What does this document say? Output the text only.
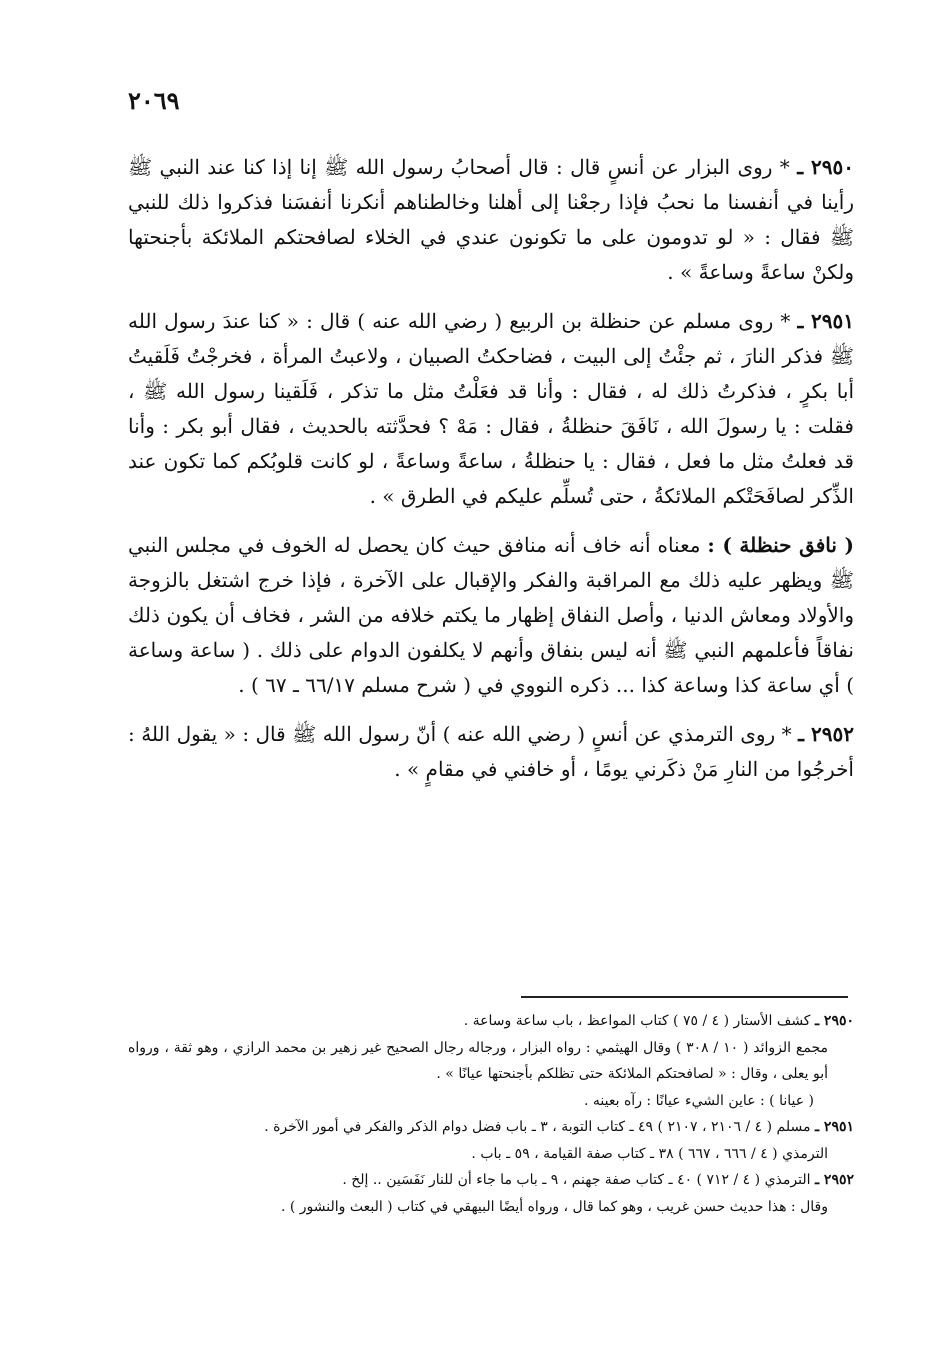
٢٠٦٩

٢٩٥٠ ـ * روى البزار عن أنسٍ قال : قال أصحابُ رسول الله ﷺ إنا إذا كنا عند النبي ﷺ رأينا في أنفسنا ما نحبُ فإذا رجعْنا إلى أهلنا وخالطناهم أنكرنا أنفسَنا فذكروا ذلك للنبي ﷺ فقال : « لو تدومون على ما تكونون عندي في الخلاء لصافحتكم الملائكة بأجنحتها ولكنْ ساعةً وساعةً » .

٢٩٥١ ـ * روى مسلم عن حنظلة بن الربيع ( رضي الله عنه ) قال : « كنا عندَ رسول الله ﷺ فذكر النارَ ، ثم جئْتُ إلى البيت ، فضاحكتُ الصبيان ، ولاعبتُ المرأة ، فخرجْتُ فَلَقيتُ أبا بكرٍ ، فذكرتُ ذلك له ، فقال : وأنا قد فعَلْتُ مثل ما تذكر ، فَلَقينا رسول الله ﷺ ، فقلت : يا رسولَ الله ، نَافَقَ حنظلةُ ، فقال : مَهْ ؟ فحدَّثته بالحديث ، فقال أبو بكر : وأنا قد فعلتُ مثل ما فعل ، فقال : يا حنظلةُ ، ساعةً وساعةً ، لو كانت قلوبُكم كما تكون عند الذِّكر لصافَحَتْكم الملائكةُ ، حتى تُسلِّم عليكم في الطرق » .

( نافق حنظلة ) : معناه أنه خاف أنه منافق حيث كان يحصل له الخوف في مجلس النبي ﷺ ويظهر عليه ذلك مع المراقبة والفكر والإقبال على الآخرة ، فإذا خرج اشتغل بالزوجة والأولاد ومعاش الدنيا ، وأصل النفاق إظهار ما يكتم خلافه من الشر ، فخاف أن يكون ذلك نفاقاً فأعلمهم النبي ﷺ أنه ليس بنفاق وأنهم لا يكلفون الدوام على ذلك . ( ساعة وساعة ) أي ساعة كذا وساعة كذا ... ذكره النووي في ( شرح مسلم ٦٦/١٧ ـ ٦٧ ) .

٢٩٥٢ ـ * روى الترمذي عن أنسٍ ( رضي الله عنه ) أنّ رسول الله ﷺ قال : « يقول اللهُ : أخرجُوا من النارِ مَنْ ذكَرني يومًا ، أو خافني في مقامٍ » .

٢٩٥٠ ـ كشف الأستار ( ٤ / ٧٥ ) كتاب المواعظ ، باب ساعة وساعة .

مجمع الزوائد ( ١٠ / ٣٠٨ ) وقال الهيثمي : رواه البزار ، ورجاله رجال الصحيح غير زهير بن محمد الرازي ، وهو ثقة ، ورواه أبو يعلى ، وقال : « لصافحتكم الملائكة حتى تظلكم بأجنحتها عيانًا » .

( عيانا ) : عاين الشيء عيانًا : رآه بعينه .

٢٩٥١ ـ مسلم ( ٤ / ٢١٠٦ ، ٢١٠٧ ) ٤٩ ـ كتاب التوبة ، ٣ ـ باب فضل دوام الذكر والفكر في أمور الآخرة .

الترمذي ( ٤ / ٦٦٦ ، ٦٦٧ ) ٣٨ ـ كتاب صفة القيامة ، ٥٩ ـ باب .

٢٩٥٢ ـ الترمذي ( ٤ / ٧١٢ ) ٤٠ ـ كتاب صفة جهنم ، ٩ ـ باب ما جاء أن للنار نَفَسَين .. إلخ .

وقال : هذا حديث حسن غريب ، وهو كما قال ، ورواه أيضًا البيهقي في كتاب ( البعث والنشور ) .
